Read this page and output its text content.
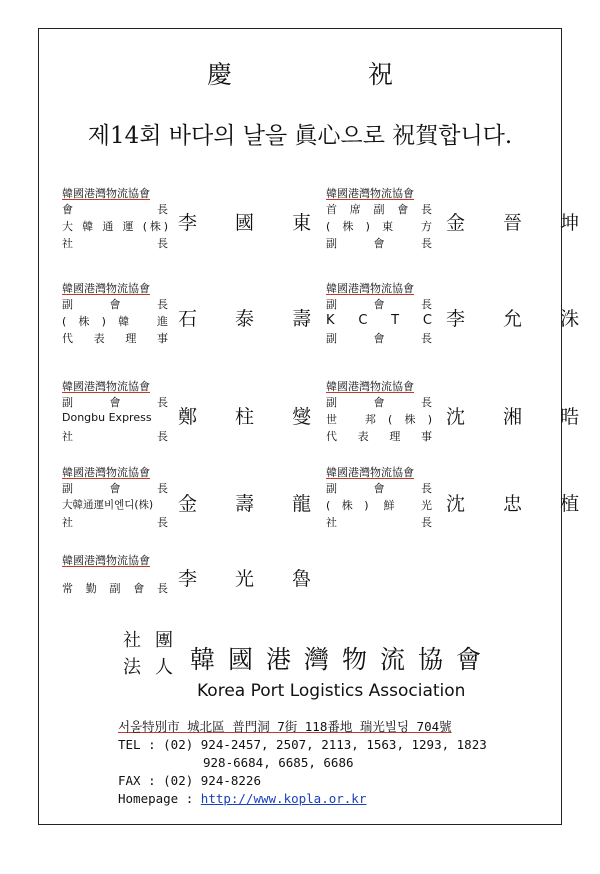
慶 祝
제14회 바다의 날을 眞心으로 祝賀합니다.
韓國港灣物流協會
會 長
大 韓 通 運 (株)
社 長
李 國 東
韓國港灣物流協會
副 會 長
(株)韓 進
代 表 理 事
石 泰 壽
韓國港灣物流協會
副 會 長
Dongbu Express
社 長
鄭 柱 燮
韓國港灣物流協會
副 會 長
大韓通運비엔디(株)
社 長
金 壽 龍
韓國港灣物流協會
常 勤 副 會 長 李 光 魯
韓國港灣物流協會
首 席 副 會 長
(株)東 方
副 會 長
金 晉 坤
韓國港灣物流協會
副 會 長
K C T C
副 會 長
李 允 洙
韓國港灣物流協會
副 會 長
世 邦(株)
代 表 理 事
沈 湘 晧
韓國港灣物流協會
副 會 長
(株) 鮮 光
社 長
沈 忠 植
社團
法人 韓國港灣物流協會
Korea Port Logistics Association
서울特別市 城北區 普門洞 7街 118番地 瑞光빌딩 704號
TEL : (02) 924-2457, 2507, 2113, 1563, 1293, 1823
928-6684, 6685, 6686
FAX : (02) 924-8226
Homepage : http://www.kopla.or.kr
